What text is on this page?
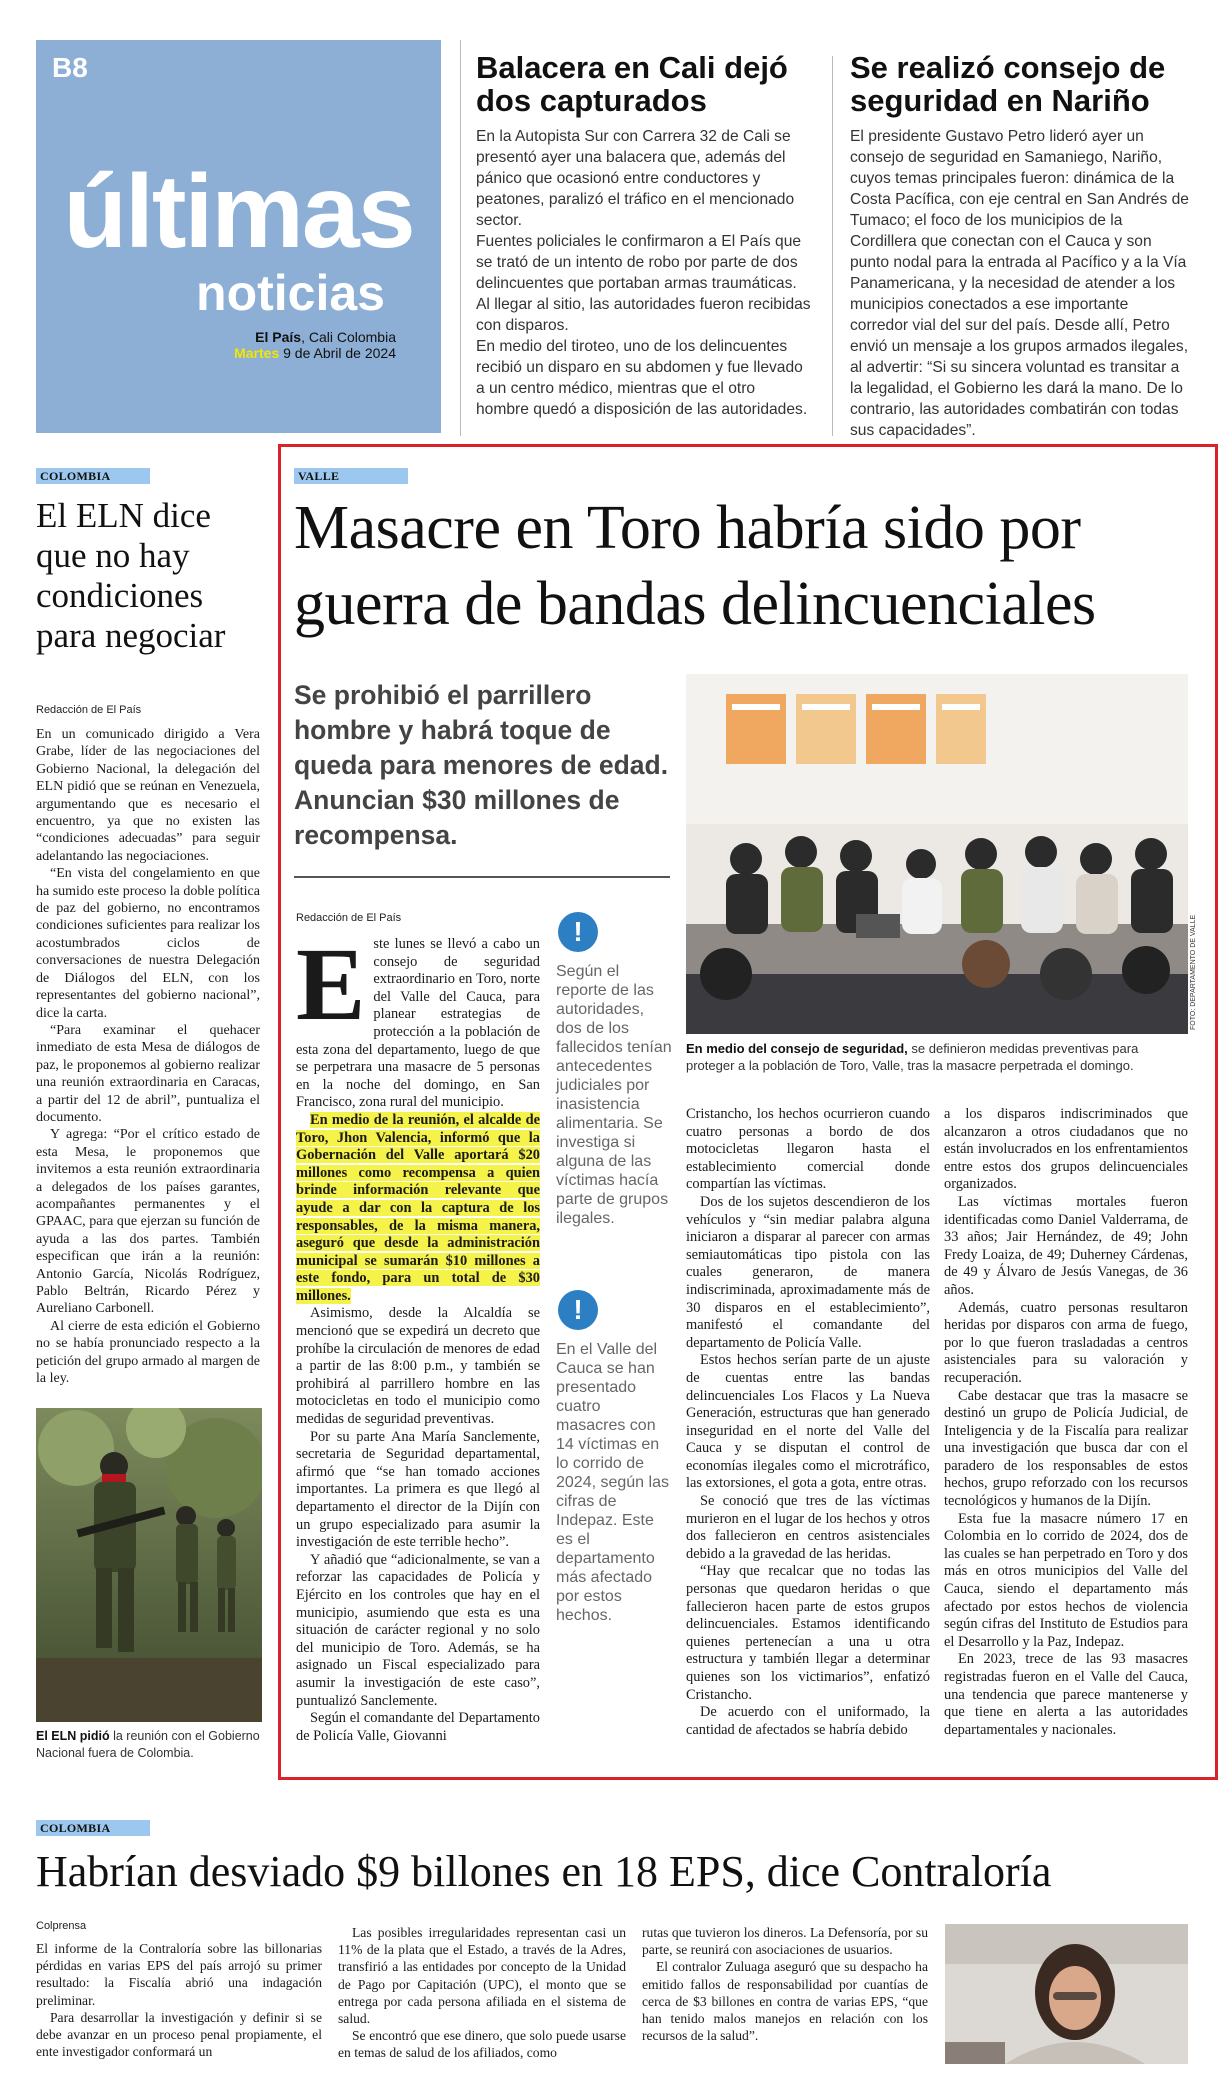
B8
últimas
noticias
El País, Cali Colombia
Martes 9 de Abril de 2024
Balacera en Cali dejó dos capturados

En la Autopista Sur con Carrera 32 de Cali se presentó ayer una balacera que, además del pánico que ocasionó entre conductores y peatones, paralizó el tráfico en el mencionado sector.

Fuentes policiales le confirmaron a El País que se trató de un intento de robo por parte de dos delincuentes que portaban armas traumáticas. Al llegar al sitio, las autoridades fueron recibidas con disparos.

En medio del tiroteo, uno de los delincuentes recibió un disparo en su abdomen y fue llevado a un centro médico, mientras que el otro hombre quedó a disposición de las autoridades.

Se realizó consejo de seguridad en Nariño
El presidente Gustavo Petro lideró ayer un consejo de seguridad en Samaniego, Nariño, cuyos temas principales fueron: dinámica de la Costa Pacífica, con eje central en San Andrés de Tumaco; el foco de los municipios de la Cordillera que conectan con el Cauca y son punto nodal para la entrada al Pacífico y a la Vía Panamericana, y la necesidad de atender a los municipios conectados a ese importante corredor vial del sur del país. Desde allí, Petro envió un mensaje a los grupos armados ilegales, al advertir: “Si su sincera voluntad es transitar a la legalidad, el Gobierno les dará la mano. De lo contrario, las autoridades combatirán con todas sus capacidades”.
COLOMBIA
El ELN dice que no hay condiciones para negociar
Redacción de El País

En un comunicado dirigido a Vera Grabe, líder de las negociaciones del Gobierno Nacional, la delegación del ELN pidió que se reúnan en Venezuela, argumentando que es necesario el encuentro, ya que no existen las “condiciones adecuadas” para seguir adelantando las negociaciones.

“En vista del congelamiento en que ha sumido este proceso la doble política de paz del gobierno, no encontramos condiciones suficientes para realizar los acostumbrados ciclos de conversaciones de nuestra Delegación de Diálogos del ELN, con los representantes del gobierno nacional”, dice la carta.

“Para examinar el quehacer inmediato de esta Mesa de diálogos de paz, le proponemos al gobierno realizar una reunión extraordinaria en Caracas, a partir del 12 de abril”, puntualiza el documento.

Y agrega: “Por el crítico estado de esta Mesa, le proponemos que invitemos a esta reunión extraordinaria a delegados de los países garantes, acompañantes permanentes y el GPAAC, para que ejerzan su función de ayuda a las dos partes. También especifican que irán a la reunión: Antonio García, Nicolás Rodríguez, Pablo Beltrán, Ricardo Pérez y Aureliano Carbonell.

Al cierre de esta edición el Gobierno no se había pronunciado respecto a la petición del grupo armado al margen de la ley.

El ELN pidió la reunión con el Gobierno Nacional fuera de Colombia.
VALLE
Masacre en Toro habría sido por guerra de bandas delincuenciales
Se prohibió el parrillero hombre y habrá toque de queda para menores de edad. Anuncian $30 millones de recompensa.
FOTO: DEPARTAMENTO DE VALLE
En medio del consejo de seguridad, se definieron medidas preventivas para proteger a la población de Toro, Valle, tras la masacre perpetrada el domingo.
Redacción de El País

Este lunes se llevó a cabo un consejo de seguridad extraordinario en Toro, norte del Valle del Cauca, para planear estrategias de protección a la población de esta zona del departamento, luego de que se perpetrara una masacre de 5 personas en la noche del domingo, en San Francisco, zona rural del municipio.

En medio de la reunión, el alcalde de Toro, Jhon Valencia, informó que la Gobernación del Valle aportará $20 millones como recompensa a quien brinde información relevante que ayude a dar con la captura de los responsables, de la misma manera, aseguró que desde la administración municipal se sumarán $10 millones a este fondo, para un total de $30 millones.

Asimismo, desde la Alcaldía se mencionó que se expedirá un decreto que prohíbe la circulación de menores de edad a partir de las 8:00 p.m., y también se prohibirá al parrillero hombre en las motocicletas en todo el municipio como medidas de seguridad preventivas.

Por su parte Ana María Sanclemente, secretaria de Seguridad departamental, afirmó que “se han tomado acciones importantes. La primera es que llegó al departamento el director de la Dijín con un grupo especializado para asumir la investigación de este terrible hecho”.

Y añadió que “adicionalmente, se van a reforzar las capacidades de Policía y Ejército en los controles que hay en el municipio, asumiendo que esta es una situación de carácter regional y no solo del municipio de Toro. Además, se ha asignado un Fiscal especializado para asumir la investigación de este caso”, puntualizó Sanclemente.

Según el comandante del Departamento de Policía Valle, Giovanni

!
Según el reporte de las autoridades, dos de los fallecidos tenían antecedentes judiciales por inasistencia alimentaria. Se investiga si alguna de las víctimas hacía parte de grupos ilegales.
!
En el Valle del Cauca se han presentado cuatro masacres con 14 víctimas en lo corrido de 2024, según las cifras de Indepaz. Este es el departamento más afectado por estos hechos.

Cristancho, los hechos ocurrieron cuando cuatro personas a bordo de dos motocicletas llegaron hasta el establecimiento comercial donde compartían las víctimas.

Dos de los sujetos descendieron de los vehículos y “sin mediar palabra alguna iniciaron a disparar al parecer con armas semiautomáticas tipo pistola con las cuales generaron, de manera indiscriminada, aproximadamente más de 30 disparos en el establecimiento”, manifestó el comandante del departamento de Policía Valle.

Estos hechos serían parte de un ajuste de cuentas entre las bandas delincuenciales Los Flacos y La Nueva Generación, estructuras que han generado inseguridad en el norte del Valle del Cauca y se disputan el control de economías ilegales como el microtráfico, las extorsiones, el gota a gota, entre otras.

Se conoció que tres de las víctimas murieron en el lugar de los hechos y otros dos fallecieron en centros asistenciales debido a la gravedad de las heridas.

“Hay que recalcar que no todas las personas que quedaron heridas o que fallecieron hacen parte de estos grupos delincuenciales. Estamos identificando quienes pertenecían a una u otra estructura y también llegar a determinar quienes son los victimarios”, enfatizó Cristancho.

De acuerdo con el uniformado, la cantidad de afectados se habría debido

a los disparos indiscriminados que alcanzaron a otros ciudadanos que no están involucrados en los enfrentamientos entre estos dos grupos delincuenciales organizados.

Las víctimas mortales fueron identificadas como Daniel Valderrama, de 33 años; Jair Hernández, de 49; John Fredy Loaiza, de 49; Duherney Cárdenas, de 49 y Álvaro de Jesús Vanegas, de 36 años.

Además, cuatro personas resultaron heridas por disparos con arma de fuego, por lo que fueron trasladadas a centros asistenciales para su valoración y recuperación.

Cabe destacar que tras la masacre se destinó un grupo de Policía Judicial, de Inteligencia y de la Fiscalía para realizar una investigación que busca dar con el paradero de los responsables de estos hechos, grupo reforzado con los recursos tecnológicos y humanos de la Dijín.

Esta fue la masacre número 17 en Colombia en lo corrido de 2024, dos de las cuales se han perpetrado en Toro y dos más en otros municipios del Valle del Cauca, siendo el departamento más afectado por estos hechos de violencia según cifras del Instituto de Estudios para el Desarrollo y la Paz, Indepaz.

En 2023, trece de las 93 masacres registradas fueron en el Valle del Cauca, una tendencia que parece mantenerse y que tiene en alerta a las autoridades departamentales y nacionales.

COLOMBIA
Habrían desviado $9 billones en 18 EPS, dice Contraloría
Colprensa

El informe de la Contraloría sobre las billonarias pérdidas en varias EPS del país arrojó su primer resultado: la Fiscalía abrió una indagación preliminar.

Para desarrollar la investigación y definir si se debe avanzar en un proceso penal propiamente, el ente investigador conformará un

Las posibles irregularidades representan casi un 11% de la plata que el Estado, a través de la Adres, transfirió a las entidades por concepto de la Unidad de Pago por Capitación (UPC), el monto que se entrega por cada persona afiliada en el sistema de salud.

Se encontró que ese dinero, que solo puede usarse en temas de salud de los afiliados, como

rutas que tuvieron los dineros. La Defensoría, por su parte, se reunirá con asociaciones de usuarios.

El contralor Zuluaga aseguró que su despacho ha emitido fallos de responsabilidad por cuantías de cerca de $3 billones en contra de varias EPS, “que han tenido malos manejos en relación con los recursos de la salud”.
